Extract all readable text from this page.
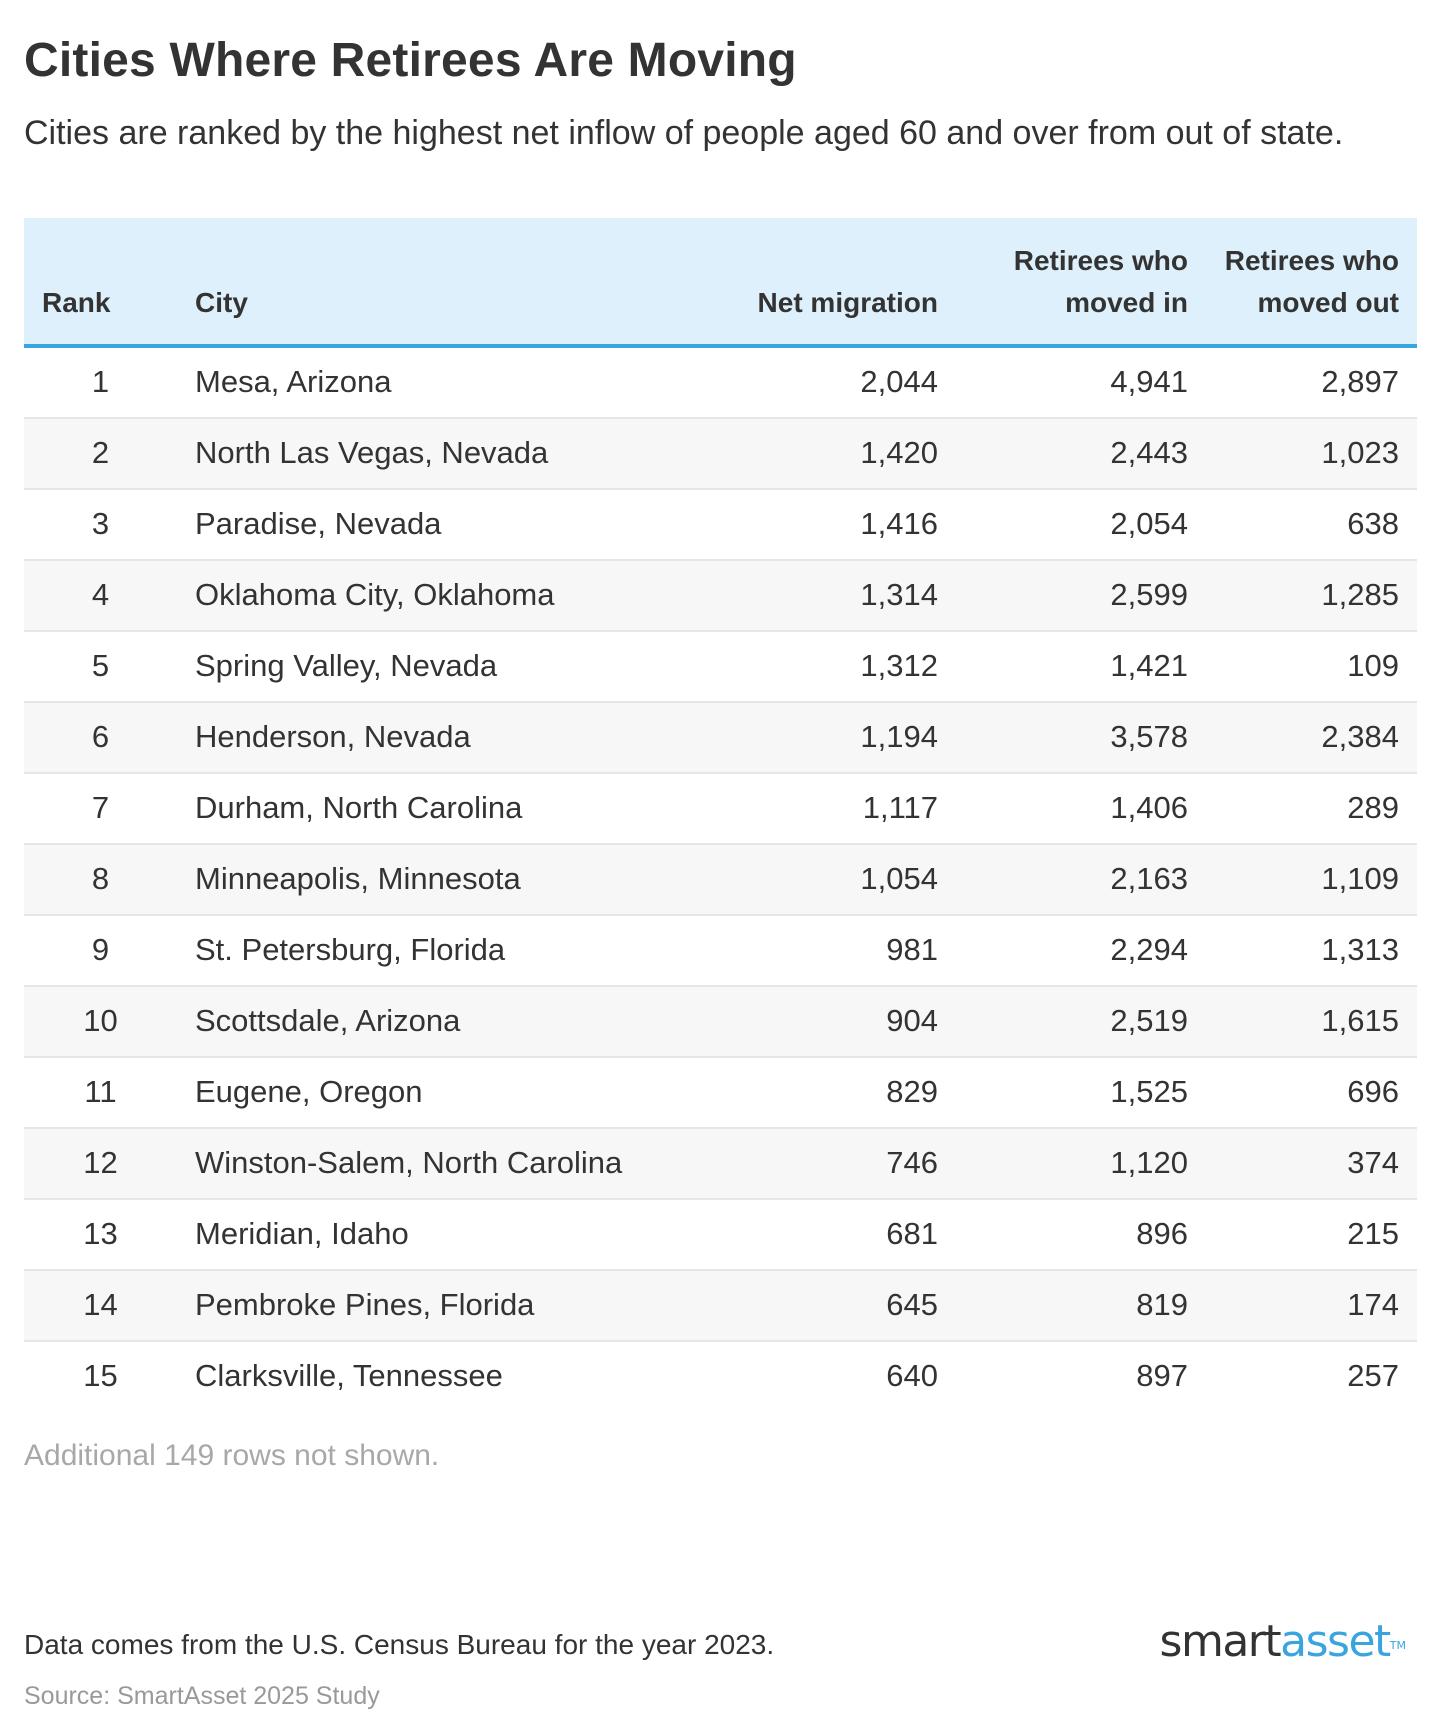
Cities Where Retirees Are Moving

Cities are ranked by the highest net inflow of people aged 60 and over from out of state.

Rank	City	Net migration	Retirees who moved in	Retirees who moved out
1	Mesa, Arizona	2,044	4,941	2,897
2	North Las Vegas, Nevada	1,420	2,443	1,023
3	Paradise, Nevada	1,416	2,054	638
4	Oklahoma City, Oklahoma	1,314	2,599	1,285
5	Spring Valley, Nevada	1,312	1,421	109
6	Henderson, Nevada	1,194	3,578	2,384
7	Durham, North Carolina	1,117	1,406	289
8	Minneapolis, Minnesota	1,054	2,163	1,109
9	St. Petersburg, Florida	981	2,294	1,313
10	Scottsdale, Arizona	904	2,519	1,615
11	Eugene, Oregon	829	1,525	696
12	Winston-Salem, North Carolina	746	1,120	374
13	Meridian, Idaho	681	896	215
14	Pembroke Pines, Florida	645	819	174
15	Clarksville, Tennessee	640	897	257

Additional 149 rows not shown.

Data comes from the U.S. Census Bureau for the year 2023.

Source: SmartAsset 2025 Study

smartasset™
